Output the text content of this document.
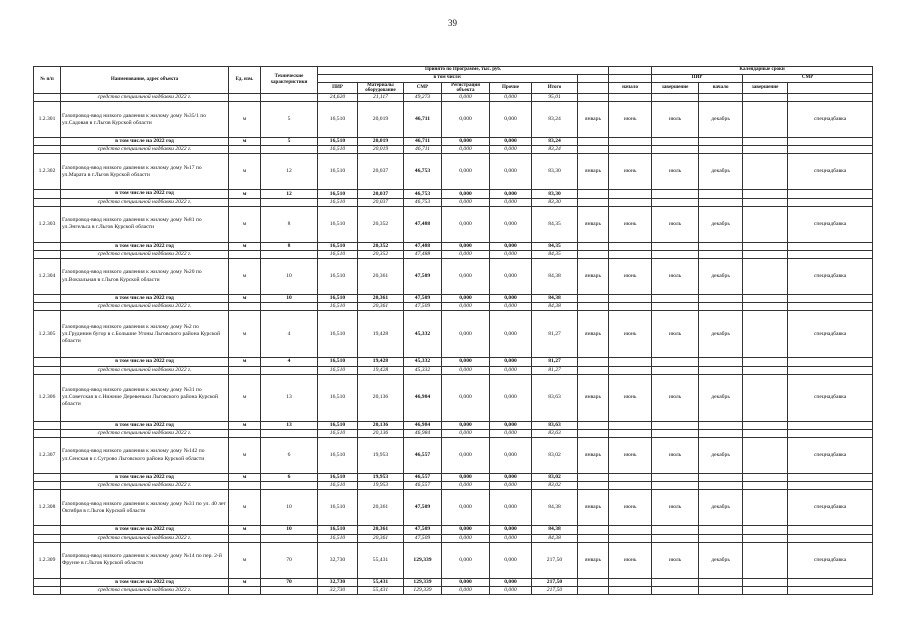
39
№ п/п	Наименование, адрес объекта	Ед. изм.	Технические характеристики	Принято по Программе, тыс. руб.								Календарные сроки	
				в том числе:								ПИР		СМР		
				ПИР	Материалы оборудование	СМР	Регистрация объекта	Прочие	Итого		начало	завершение	начало	завершение		
	средства специальной надбавки 2022 г.			24,620	21,117	49,273	0,000	0,000	95,01							
1.2.301	Газопровод-ввод низкого давления к жилому дому №35/1 по ул.Садовая в г.Льгов Курской области	м	5	16,510	20,019	46,711	0,000	0,000	83,24	январь	июнь	июль	декабрь		спецнадбавка	
	в том числе на 2022 год	м	5	16,510	20,019	46,711	0,000	0,000	83,24							
	средства специальной надбавки 2022 г.			16,510	20,019	46,711	0,000	0,000	83,24							
1.2.302	Газопровод-ввод низкого давления к жилому дому №17 по ул.Марата в г.Льгов Курской области	м	12	16,510	20,037	46,753	0,000	0,000	83,30	январь	июнь	июль	декабрь		спецнадбавка	
	в том числе на 2022 год	м	12	16,510	20,037	46,753	0,000	0,000	83,30							
	средства специальной надбавки 2022 г.			16,510	20,037	46,753	0,000	0,000	83,30							
1.2.303	Газопровод-ввод низкого давления к жилому дому №81 по ул.Энгельса в г.Льгов Курской области	м	8	16,510	20,352	47,488	0,000	0,000	84,35	январь	июнь	июль	декабрь		спецнадбавка	
	в том числе на 2022 год	м	8	16,510	20,352	47,488	0,000	0,000	84,35							
	средства специальной надбавки 2022 г.			16,510	20,352	47,488	0,000	0,000	84,35							
1.2.304	Газопровод-ввод низкого давления к жилому дому №20 по ул.Вокзальная в г.Льгов Курской области	м	10	16,510	20,361	47,509	0,000	0,000	84,38	январь	июнь	июль	декабрь		спецнадбавка	
	в том числе на 2022 год	м	10	16,510	20,361	47,509	0,000	0,000	84,38							
	средства специальной надбавки 2022 г.			16,510	20,361	47,509	0,000	0,000	84,38							
1.2.305	Газопровод-ввод низкого давления к жилому дому №2 по ул.Грудинин бугор в с.Большие Угоны Льговского района Курской области	м	4	16,510	19,428	45,332	0,000	0,000	81,27	январь	июнь	июль	декабрь		спецнадбавка	
	в том числе на 2022 год	м	4	16,510	19,428	45,332	0,000	0,000	81,27							
	средства специальной надбавки 2022 г.			16,510	19,428	45,332	0,000	0,000	81,27							
1.2.306	Газопровод-ввод низкого давления к жилому дому №31 по ул.Советская в с.Нижние Деревеньки Льговского района Курской области	м	13	16,510	20,136	46,984	0,000	0,000	83,63	январь	июнь	июль	декабрь		спецнадбавка	
	в том числе на 2022 год	м	13	16,510	20,136	46,984	0,000	0,000	83,63							
	средства специальной надбавки 2022 г.			16,510	20,136	46,984	0,000	0,000	83,63							
1.2.307	Газопровод-ввод низкого давления к жилому дому №142 по ул.Сенская в с.Сугрово Льговского района Курской области	м	6	16,510	19,953	46,557	0,000	0,000	83,02	январь	июнь	июль	декабрь		спецнадбавка	
	в том числе на 2022 год	м	6	16,510	19,953	46,557	0,000	0,000	83,02							
	средства специальной надбавки 2022 г.			16,510	19,953	46,557	0,000	0,000	83,02							
1.2.308	Газопровод-ввод низкого давления к жилому дому №31 по ул. 40 лет Октября в г.Льгов Курской области	м	10	16,510	20,361	47,509	0,000	0,000	84,38	январь	июнь	июль	декабрь		спецнадбавка	
	в том числе на 2022 год	м	10	16,510	20,361	47,509	0,000	0,000	84,38							
	средства специальной надбавки 2022 г.			16,510	20,361	47,509	0,000	0,000	84,38							
1.2.309	Газопровод-ввод низкого давления к жилому дому №14 по пер. 2-й Фрунзе в г.Льгов Курской области	м	70	32,730	55,431	129,339	0,000	0,000	217,50	январь	июнь	июль	декабрь		спецнадбавка	
	в том числе на 2022 год	м	70	32,730	55,431	129,339	0,000	0,000	217,50							
	средства специальной надбавки 2022 г.			32,730	55,431	129,339	0,000	0,000	217,50							
